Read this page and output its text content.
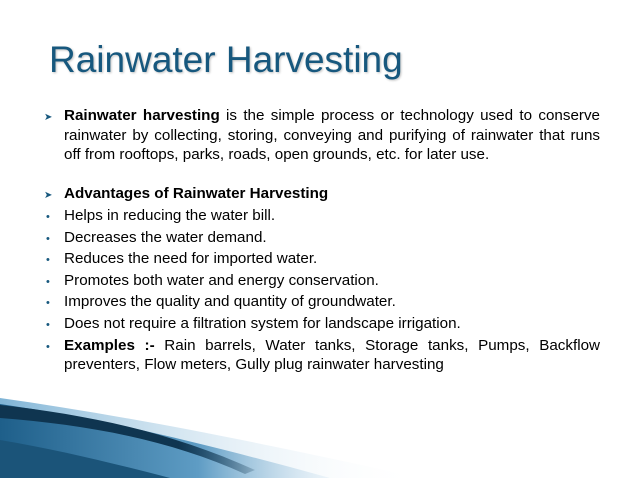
Rainwater Harvesting
➤ Rainwater harvesting is the simple process or technology used to conserve rainwater by collecting, storing, conveying and purifying of rainwater that runs off from rooftops, parks, roads, open grounds, etc. for later use.
➤ Advantages of Rainwater Harvesting
• Helps in reducing the water bill.
• Decreases the water demand.
• Reduces the need for imported water.
• Promotes both water and energy conservation.
• Improves the quality and quantity of groundwater.
• Does not require a filtration system for landscape irrigation.
• Examples :- Rain barrels, Water tanks, Storage tanks, Pumps, Backflow preventers, Flow meters, Gully plug rainwater harvesting
